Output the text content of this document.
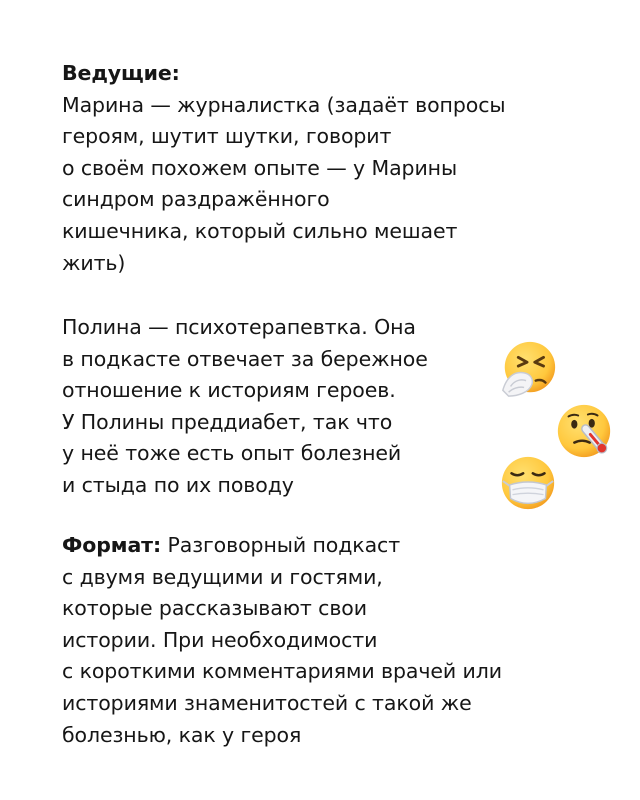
Ведущие:
Марина — журналистка (задаёт вопросы
героям, шутит шутки, говорит
о своём похожем опыте — у Марины
синдром раздражённого
кишечника, который сильно мешает
жить)
Полина — психотерапевтка. Она
в подкасте отвечает за бережное
отношение к историям героев.
У Полины преддиабет, так что
у неё тоже есть опыт болезней
и стыда по их поводу
Формат: Разговорный подкаст
с двумя ведущими и гостями,
которые рассказывают свои
истории. При необходимости
с короткими комментариями врачей или
историями знаменитостей с такой же
болезнью, как у героя
